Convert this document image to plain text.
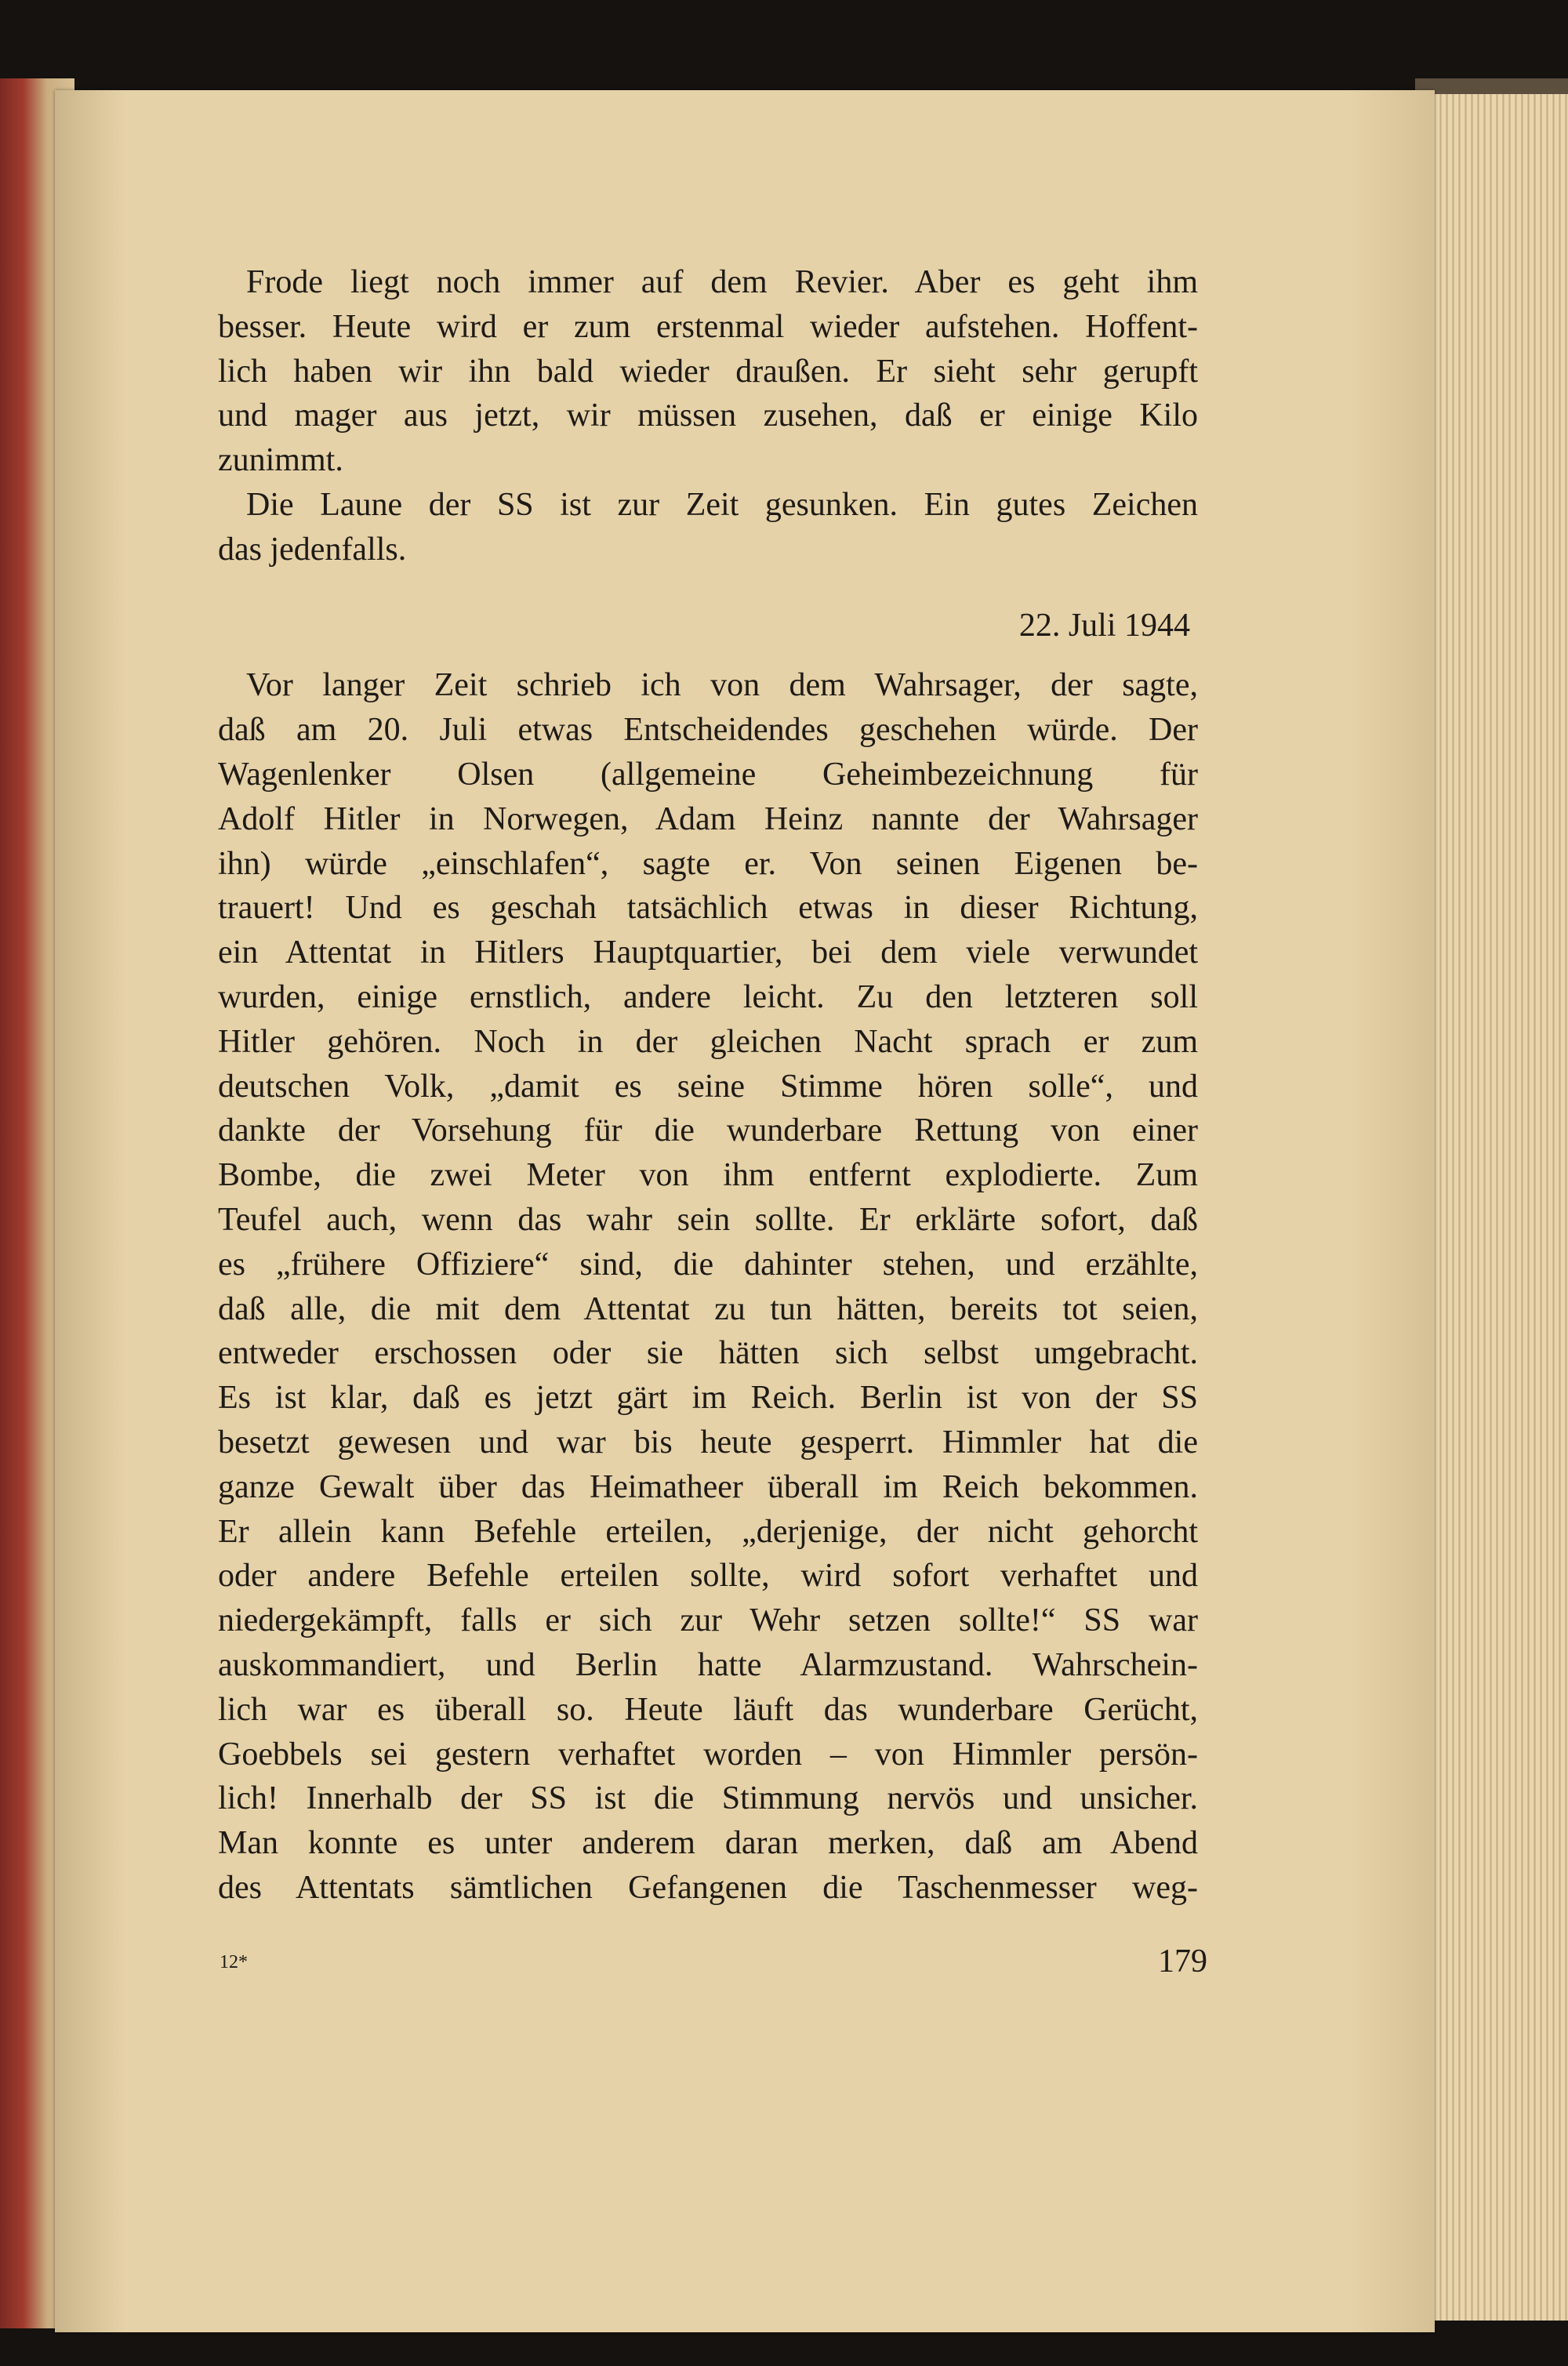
Frode liegt noch immer auf dem Revier. Aber es geht ihm
besser. Heute wird er zum erstenmal wieder aufstehen. Hoffent-
lich haben wir ihn bald wieder draußen. Er sieht sehr gerupft
und mager aus jetzt, wir müssen zusehen, daß er einige Kilo
zunimmt.
Die Laune der SS ist zur Zeit gesunken. Ein gutes Zeichen
das jedenfalls.
22. Juli 1944
Vor langer Zeit schrieb ich von dem Wahrsager, der sagte,
daß am 20. Juli etwas Entscheidendes geschehen würde. Der
Wagenlenker Olsen (allgemeine Geheimbezeichnung für
Adolf Hitler in Norwegen, Adam Heinz nannte der Wahrsager
ihn) würde „einschlafen“, sagte er. Von seinen Eigenen be-
trauert! Und es geschah tatsächlich etwas in dieser Richtung,
ein Attentat in Hitlers Hauptquartier, bei dem viele verwundet
wurden, einige ernstlich, andere leicht. Zu den letzteren soll
Hitler gehören. Noch in der gleichen Nacht sprach er zum
deutschen Volk, „damit es seine Stimme hören solle“, und
dankte der Vorsehung für die wunderbare Rettung von einer
Bombe, die zwei Meter von ihm entfernt explodierte. Zum
Teufel auch, wenn das wahr sein sollte. Er erklärte sofort, daß
es „frühere Offiziere“ sind, die dahinter stehen, und erzählte,
daß alle, die mit dem Attentat zu tun hätten, bereits tot seien,
entweder erschossen oder sie hätten sich selbst umgebracht.
Es ist klar, daß es jetzt gärt im Reich. Berlin ist von der SS
besetzt gewesen und war bis heute gesperrt. Himmler hat die
ganze Gewalt über das Heimatheer überall im Reich bekommen.
Er allein kann Befehle erteilen, „derjenige, der nicht gehorcht
oder andere Befehle erteilen sollte, wird sofort verhaftet und
niedergekämpft, falls er sich zur Wehr setzen sollte!“ SS war
auskommandiert, und Berlin hatte Alarmzustand. Wahrschein-
lich war es überall so. Heute läuft das wunderbare Gerücht,
Goebbels sei gestern verhaftet worden – von Himmler persön-
lich! Innerhalb der SS ist die Stimmung nervös und unsicher.
Man konnte es unter anderem daran merken, daß am Abend
des Attentats sämtlichen Gefangenen die Taschenmesser weg-
12*	179
